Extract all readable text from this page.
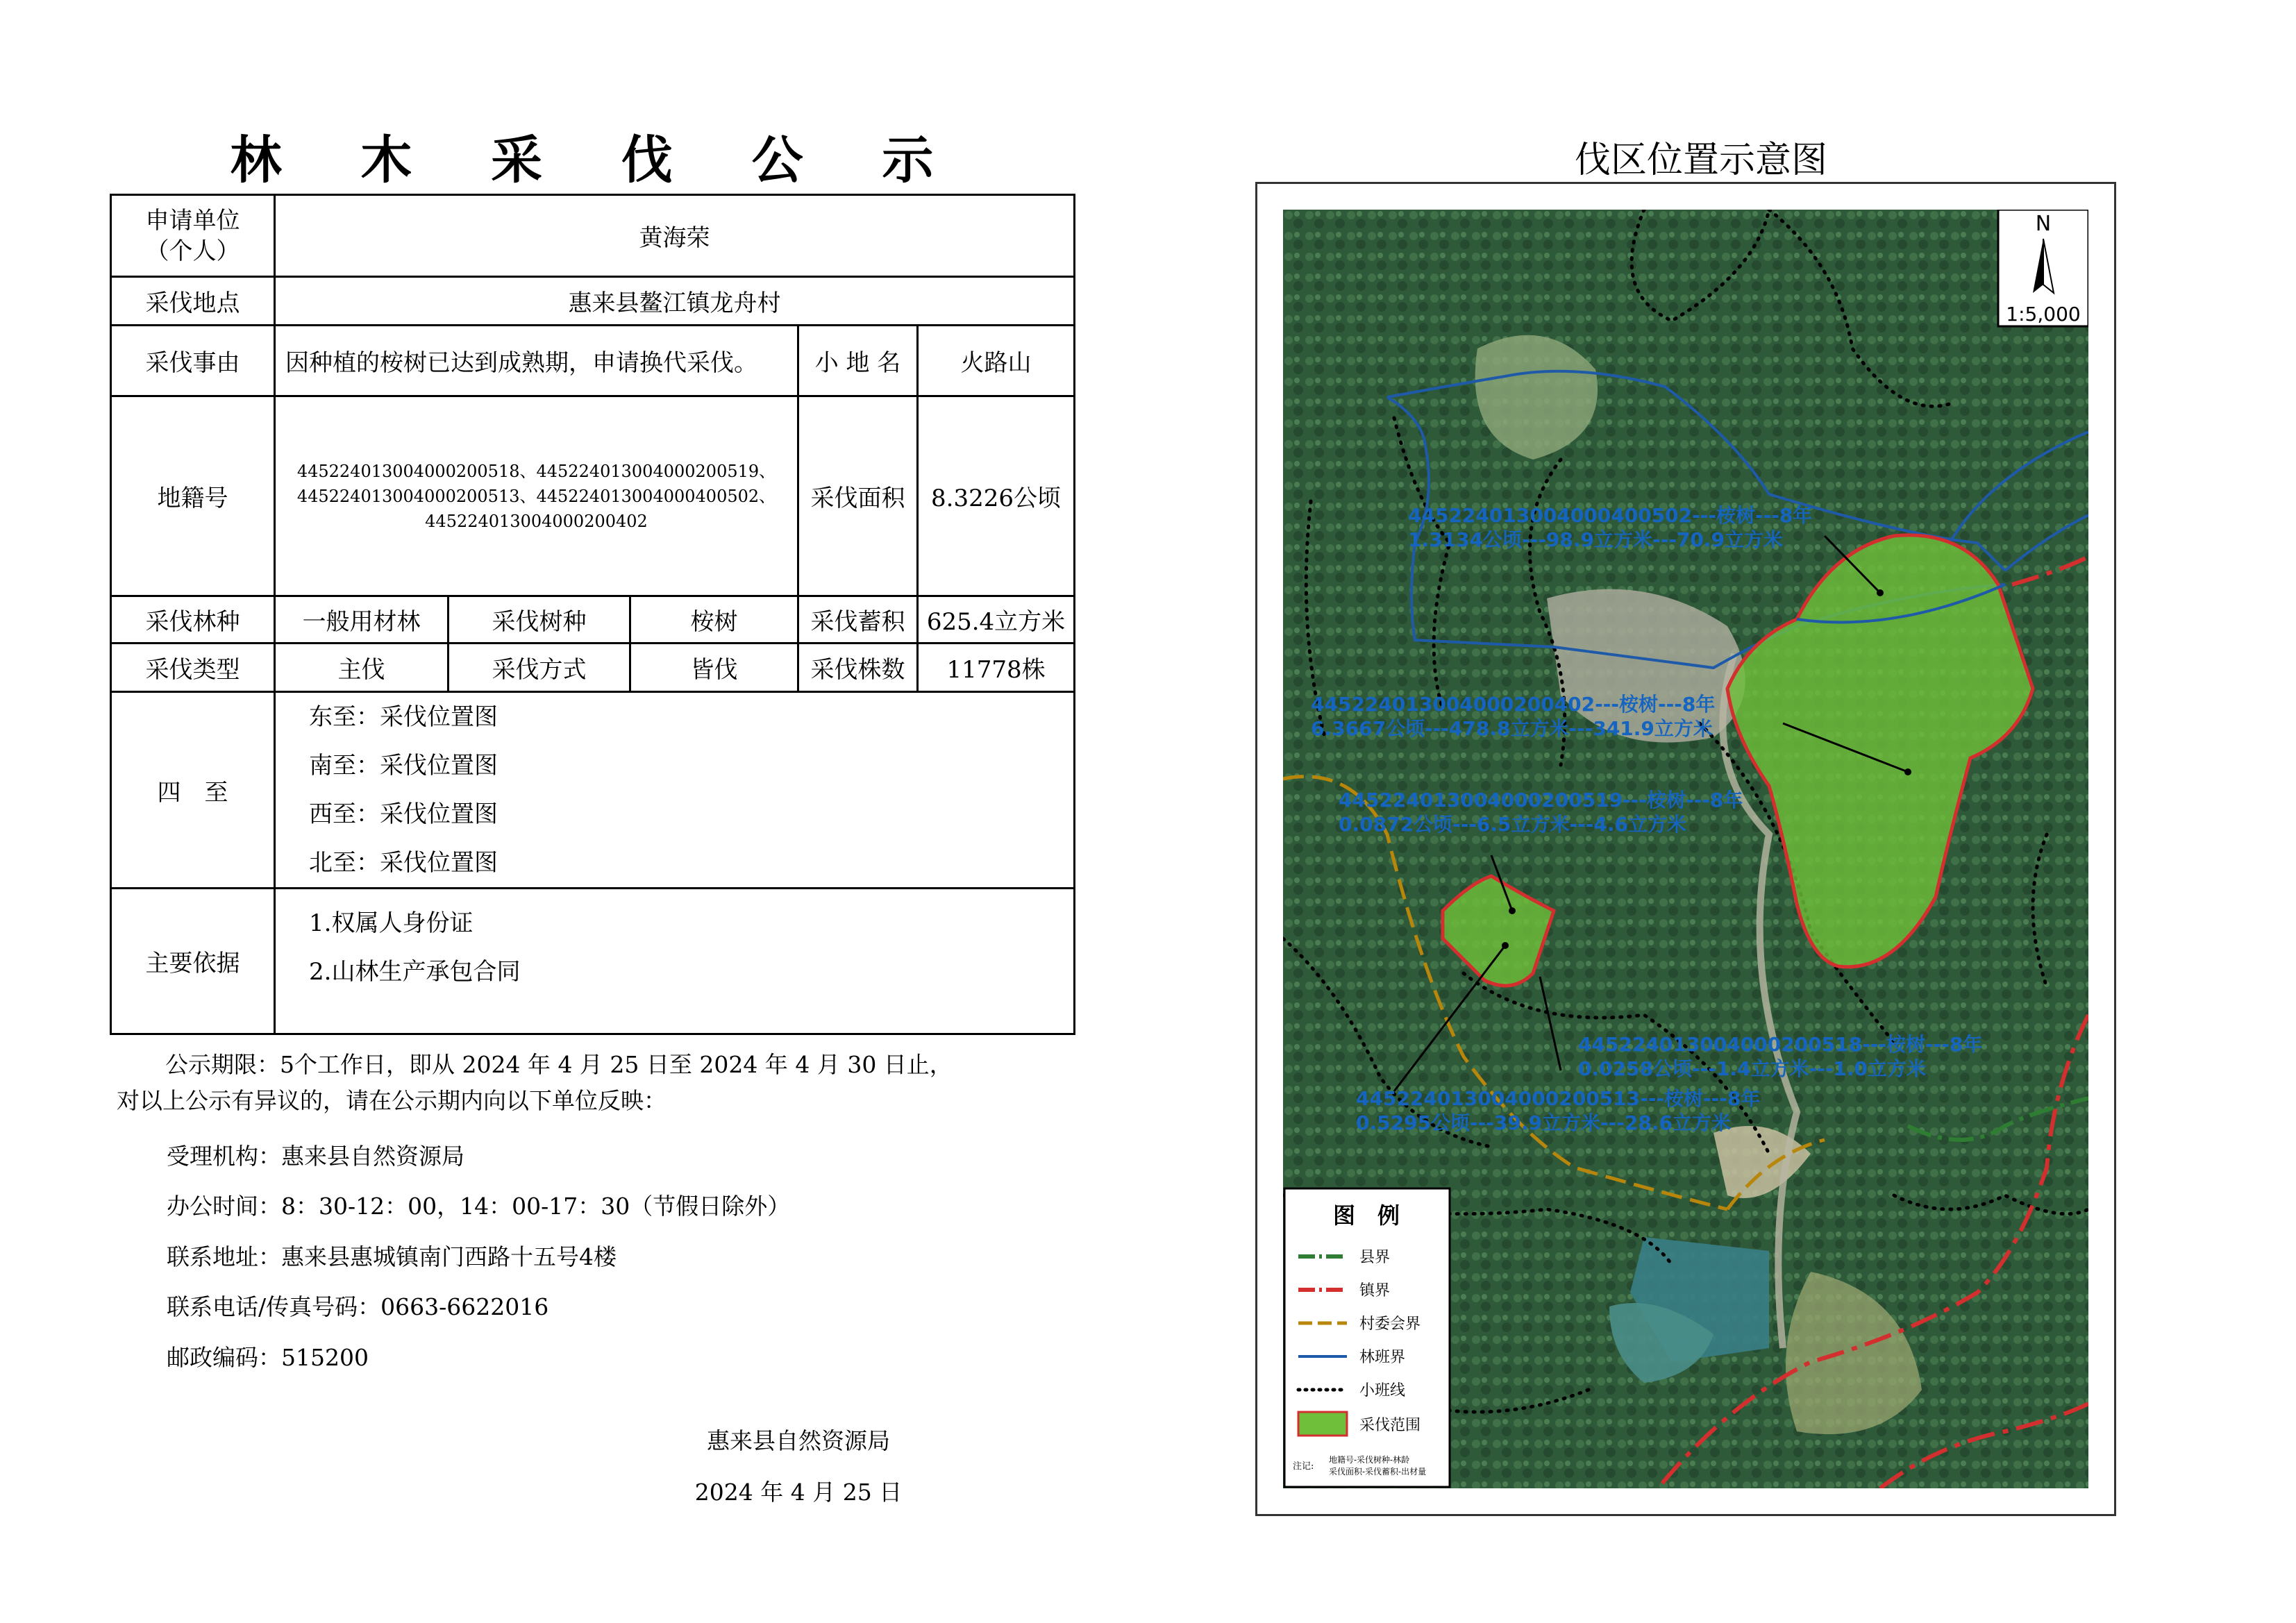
林 木 采 伐 公 示
申请单位（个人）	黄海荣				
采伐地点	惠来县鳌江镇龙舟村				
采伐事由	因种植的桉树已达到成熟期，申请换代采伐。			小 地 名	火路山
地籍号	4452240130040002005​18、445224013004000200519、
445224013004000200513、445224013004000400502、
445224013004000200402			采伐面积	8.3226公顷
采伐林种	一般用材林	采伐树种	桉树	采伐蓄积	625.4立方米
采伐类型	主伐	采伐方式	皆伐	采伐株数	11778株
四　至	东至：采伐位置图
南至：采伐位置图
西至：采伐位置图
北至：采伐位置图				

主要依据	1.权属人身份证
2.山林生产承包合同				
公示期限：5个工作日，即从 2024 年 4 月 25 日至 2024 年 4 月 30 日止，
对以上公示有异议的，请在公示期内向以下单位反映：
受理机构：惠来县自然资源局
办公时间：8：30-12：00，14：00-17：30（节假日除外）
联系地址：惠来县惠城镇南门西路十五号4楼
联系电话/传真号码：0663-6622016
邮政编码：515200
惠来县自然资源局
2024 年 4 月 25 日
伐区位置示意图
445224013004000400502---桉树---8年
1.3134公顷---98.9立方米---70.9立方米
445224013004000200402---桉树---8年
6.3667公顷---478.8立方米---341.9立方米
445224013004000200519---桉树---8年
0.0872公顷---6.5立方米---4.6立方米
445224013004000200518---桉树---8年
0.0258公顷---1.4立方米---1.0立方米
445224013004000200513---桉树---8年
0.5295公顷---39.9立方米---28.6立方米
N
1:5,000
图　例
县界
镇界
村委会界
林班界
小班线
采伐范围
注记:
地籍号-采伐树种-林龄
采伐面积-采伐蓄积-出材量
